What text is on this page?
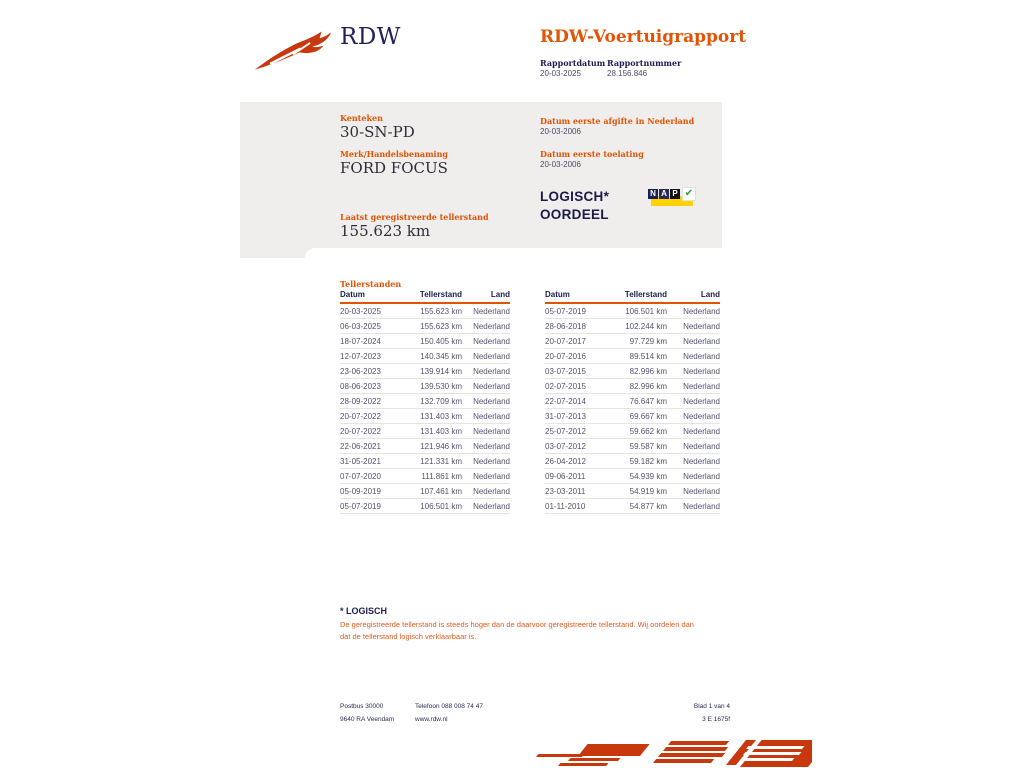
RDW	RDW-Voertuigrapport
Rapportdatum
20-03-2025
Rapportnummer
28.156.846
Kenteken
30-SN-PD
Merk/Handelsbenaming
FORD FOCUS
Laatst geregistreerde tellerstand
155.623 km
Datum eerste afgifte in Nederland
20-03-2006
Datum eerste toelating
20-03-2006
LOGISCH*
OORDEEL
N A P ✔
Tellerstanden
Datum	Tellerstand	Land
20-03-2025	155.623 km	Nederland
06-03-2025	155.623 km	Nederland
18-07-2024	150.405 km	Nederland
12-07-2023	140.345 km	Nederland
23-06-2023	139.914 km	Nederland
08-06-2023	139.530 km	Nederland
28-09-2022	132.709 km	Nederland
20-07-2022	131.403 km	Nederland
20-07-2022	131.403 km	Nederland
22-06-2021	121.946 km	Nederland
31-05-2021	121.331 km	Nederland
07-07-2020	111.861 km	Nederland
05-09-2019	107.461 km	Nederland
05-07-2019	106.501 km	Nederland
Datum	Tellerstand	Land
05-07-2019	106.501 km	Nederland
28-06-2018	102.244 km	Nederland
20-07-2017	97.729 km	Nederland
20-07-2016	89.514 km	Nederland
03-07-2015	82.996 km	Nederland
02-07-2015	82.996 km	Nederland
22-07-2014	76.647 km	Nederland
31-07-2013	69.667 km	Nederland
25-07-2012	59.662 km	Nederland
03-07-2012	59.587 km	Nederland
26-04-2012	59.182 km	Nederland
09-06-2011	54.939 km	Nederland
23-03-2011	54.919 km	Nederland
01-11-2010	54.877 km	Nederland
* LOGISCH
De geregistreerde tellerstand is steeds hoger dan de daarvoor geregistreerde tellerstand. Wij oordelen dan
dat de tellerstand logisch verklaarbaar is.
Postbus 30000
9640 RA Veendam
Telefoon 088 008 74 47
www.rdw.nl
Blad 1 van 4
3 E 1675f
